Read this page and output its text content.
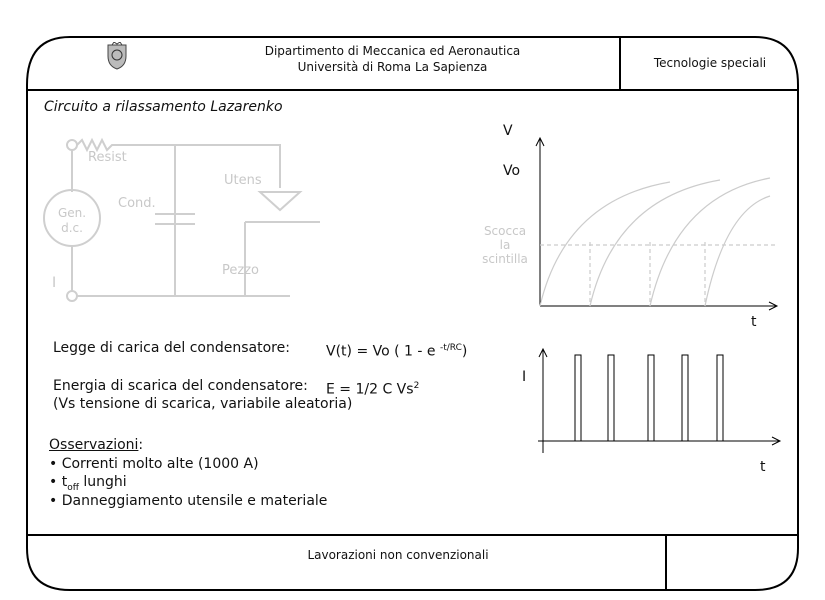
Dipartimento di Meccanica ed Aeronautica
Università di Roma La Sapienza	Tecnologie speciali
Circuito a rilassamento Lazarenko
Resist
Cond.
Utens
Pezzo
Gen.
d.c.
I
V
Vo
Scocca
la
scintilla
t
I
t
Legge di carica del condensatore:	V(t) = Vo ( 1 - e $^{-t/RC}$)
Energia di scarica del condensatore: E = 1/2 C Vs$^2$
(Vs tensione di scarica, variabile aleatoria)
Osservazioni:
• Correnti molto alte (1000 A)
• $t_{off}$ lunghi
• Danneggiamento utensile e materiale
Lavorazioni non convenzionali
